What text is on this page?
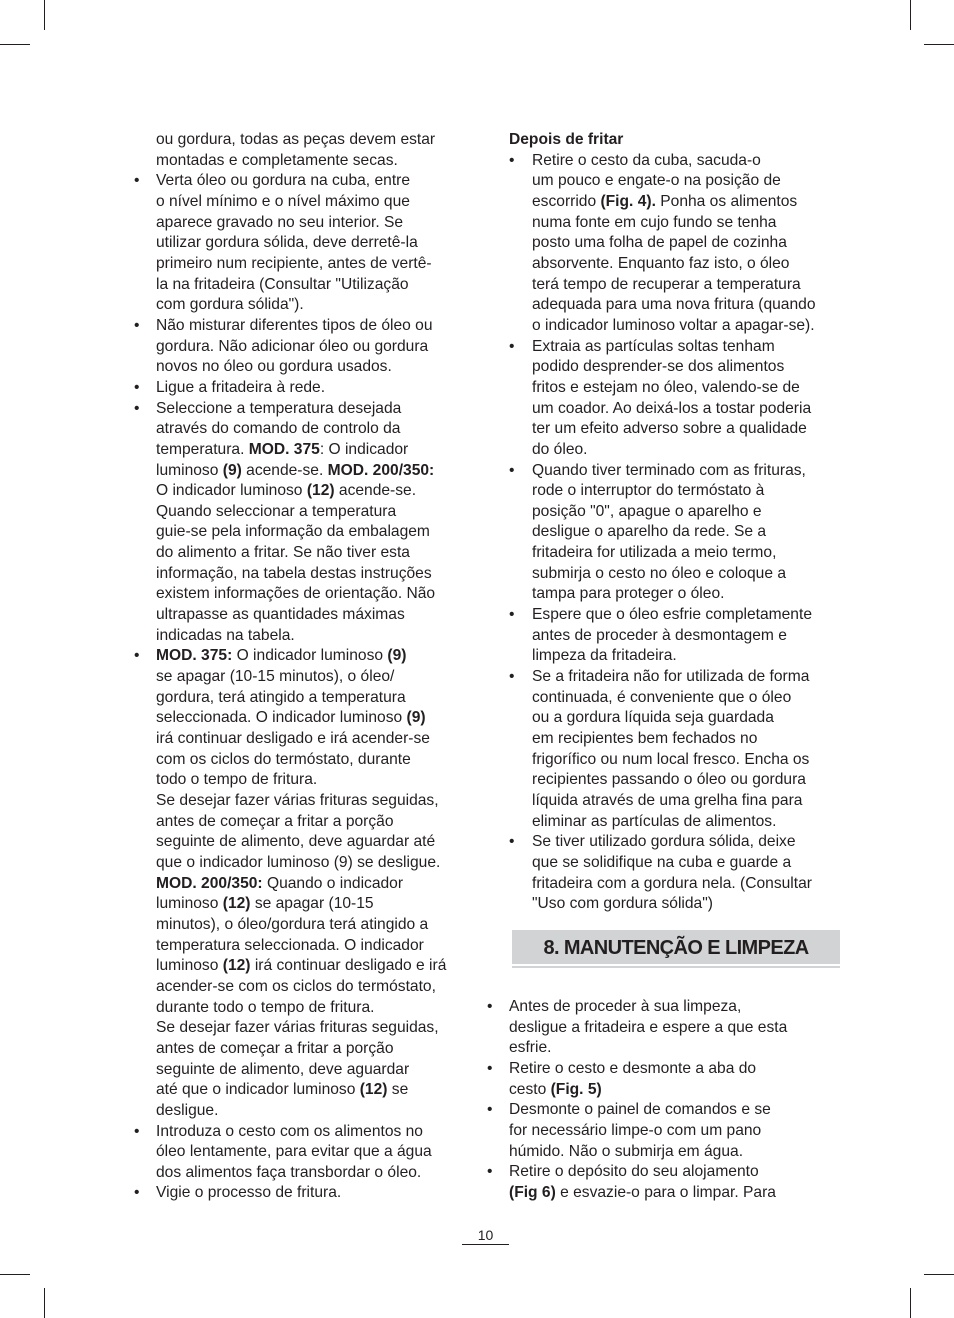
ou gordura, todas as peças devem estar
montadas e completamente secas.
• Verta óleo ou gordura na cuba, entre
o nível mínimo e o nível máximo que
aparece gravado no seu interior. Se
utilizar gordura sólida, deve derretê-la
primeiro num recipiente, antes de vertê-
la na fritadeira (Consultar "Utilização
com gordura sólida").
• Não misturar diferentes tipos de óleo ou
gordura. Não adicionar óleo ou gordura
novos no óleo ou gordura usados.
• Ligue a fritadeira à rede.
• Seleccione a temperatura desejada
através do comando de controlo da
temperatura. MOD. 375: O indicador
luminoso (9) acende-se. MOD. 200/350:
O indicador luminoso (12) acende-se.
Quando seleccionar a temperatura
guie-se pela informação da embalagem
do alimento a fritar. Se não tiver esta
informação, na tabela destas instruções
existem informações de orientação. Não
ultrapasse as quantidades máximas
indicadas na tabela.
• MOD. 375: O indicador luminoso (9)
se apagar (10-15 minutos), o óleo/
gordura, terá atingido a temperatura
seleccionada. O indicador luminoso (9)
irá continuar desligado e irá acender-se
com os ciclos do termóstato, durante
todo o tempo de fritura.
Se desejar fazer várias frituras seguidas,
antes de começar a fritar a porção
seguinte de alimento, deve aguardar até
que o indicador luminoso (9) se desligue.
MOD. 200/350: Quando o indicador
luminoso (12) se apagar (10-15
minutos), o óleo/gordura terá atingido a
temperatura seleccionada. O indicador
luminoso (12) irá continuar desligado e irá
acender-se com os ciclos do termóstato,
durante todo o tempo de fritura.
Se desejar fazer várias frituras seguidas,
antes de começar a fritar a porção
seguinte de alimento, deve aguardar
até que o indicador luminoso (12) se
desligue.
• Introduza o cesto com os alimentos no
óleo lentamente, para evitar que a água
dos alimentos faça transbordar o óleo.
• Vigie o processo de fritura.
Depois de fritar
• Retire o cesto da cuba, sacuda-o
um pouco e engate-o na posição de
escorrido (Fig. 4). Ponha os alimentos
numa fonte em cujo fundo se tenha
posto uma folha de papel de cozinha
absorvente. Enquanto faz isto, o óleo
terá tempo de recuperar a temperatura
adequada para uma nova fritura (quando
o indicador luminoso voltar a apagar-se).
• Extraia as partículas soltas tenham
podido desprender-se dos alimentos
fritos e estejam no óleo, valendo-se de
um coador. Ao deixá-los a tostar poderia
ter um efeito adverso sobre a qualidade
do óleo.
• Quando tiver terminado com as frituras,
rode o interruptor do termóstato à
posição "0", apague o aparelho e
desligue o aparelho da rede. Se a
fritadeira for utilizada a meio termo,
submirja o cesto no óleo e coloque a
tampa para proteger o óleo.
• Espere que o óleo esfrie completamente
antes de proceder à desmontagem e
limpeza da fritadeira.
• Se a fritadeira não for utilizada de forma
continuada, é conveniente que o óleo
ou a gordura líquida seja guardada
em recipientes bem fechados no
frigorífico ou num local fresco. Encha os
recipientes passando o óleo ou gordura
líquida através de uma grelha fina para
eliminar as partículas de alimentos.
• Se tiver utilizado gordura sólida, deixe
que se solidifique na cuba e guarde a
fritadeira com a gordura nela. (Consultar
"Uso com gordura sólida")
8. MANUTENÇÃO E LIMPEZA
• Antes de proceder à sua limpeza,
desligue a fritadeira e espere a que esta
esfrie.
• Retire o cesto e desmonte a aba do
cesto (Fig. 5)
• Desmonte o painel de comandos e se
for necessário limpe-o com um pano
húmido. Não o submirja em água.
• Retire o depósito do seu alojamento
(Fig 6) e esvazie-o para o limpar. Para
10
